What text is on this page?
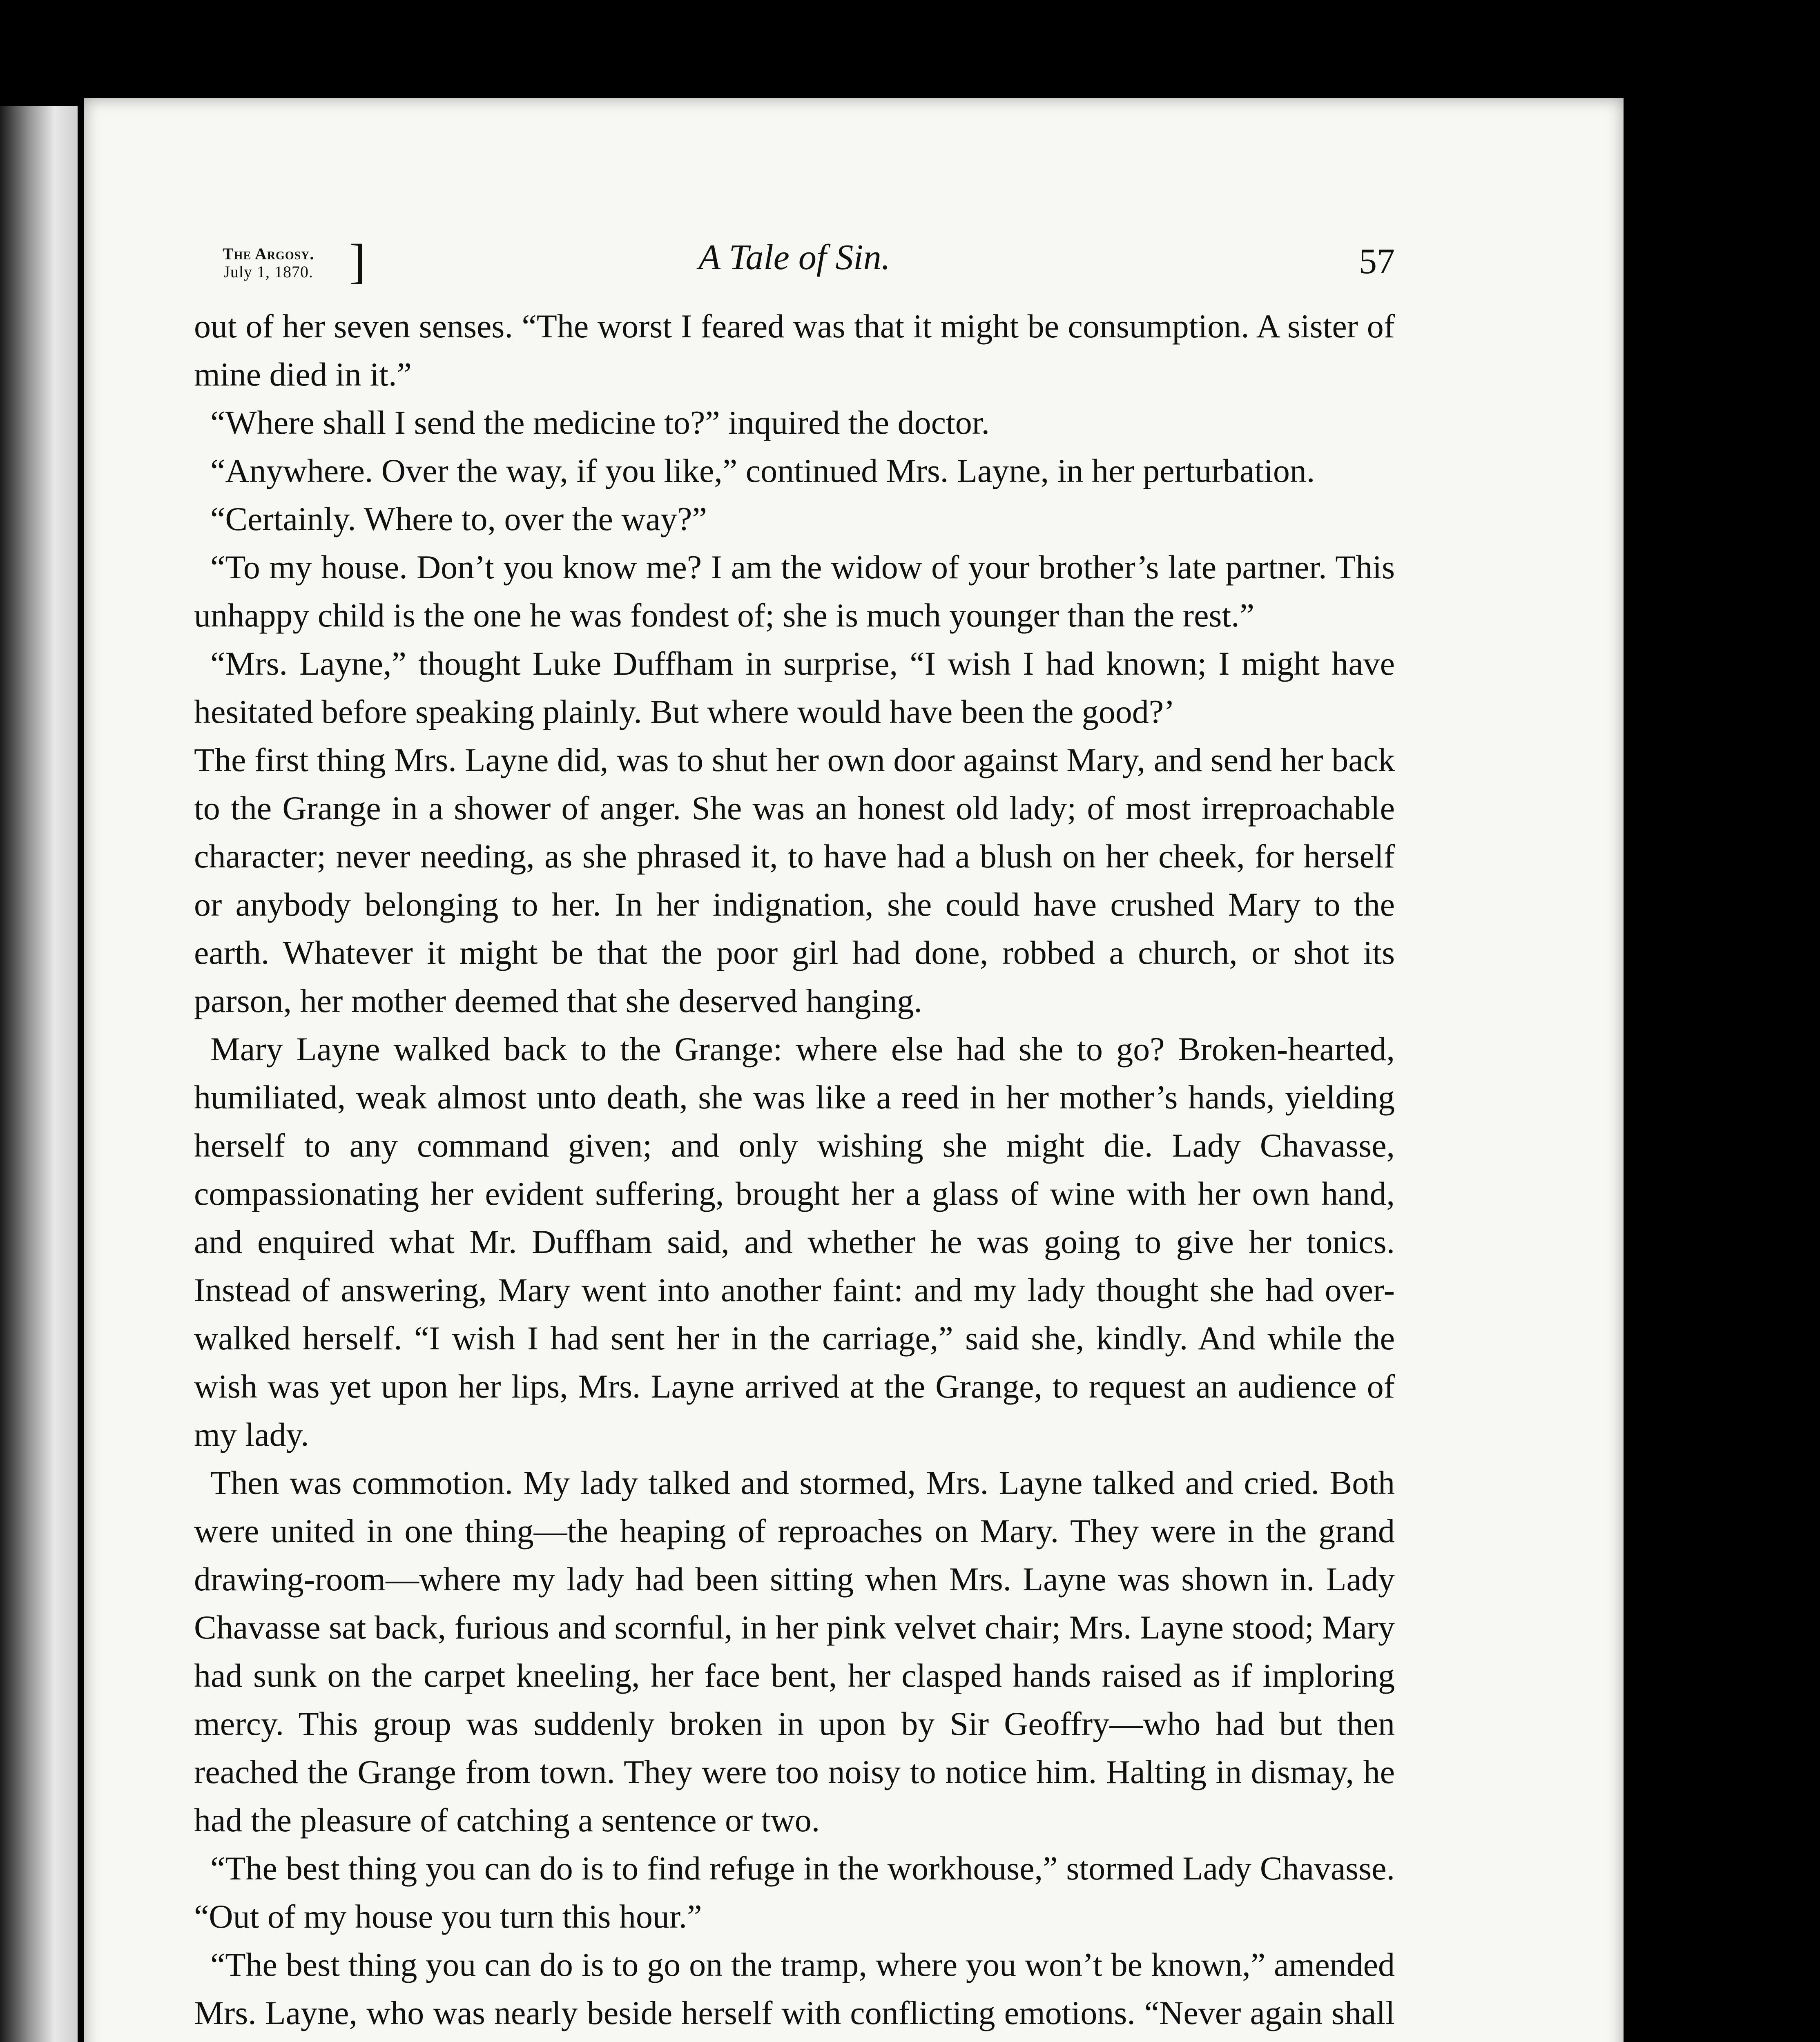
The Argosy.
July 1, 1870. ]	A Tale of Sin.	57

out of her seven senses. “The worst I feared was that it might be consumption. A sister of mine died in it.”

“Where shall I send the medicine to?” inquired the doctor.

“Anywhere. Over the way, if you like,” continued Mrs. Layne, in her perturbation.

“Certainly. Where to, over the way?”

“To my house. Don’t you know me? I am the widow of your brother’s late partner. This unhappy child is the one he was fondest of; she is much younger than the rest.”

“Mrs. Layne,” thought Luke Duffham in surprise, “I wish I had known; I might have hesitated before speaking plainly. But where would have been the good?’

The first thing Mrs. Layne did, was to shut her own door against Mary, and send her back to the Grange in a shower of anger. She was an honest old lady; of most irreproachable character; never needing, as she phrased it, to have had a blush on her cheek, for herself or anybody belonging to her. In her indignation, she could have crushed Mary to the earth. Whatever it might be that the poor girl had done, robbed a church, or shot its parson, her mother deemed that she deserved hanging.

Mary Layne walked back to the Grange: where else had she to go? Broken-hearted, humiliated, weak almost unto death, she was like a reed in her mother’s hands, yielding herself to any command given; and only wishing she might die. Lady Chavasse, compassionating her evident suffering, brought her a glass of wine with her own hand, and enquired what Mr. Duffham said, and whether he was going to give her tonics. Instead of answering, Mary went into another faint: and my lady thought she had over-walked herself. “I wish I had sent her in the carriage,” said she, kindly. And while the wish was yet upon her lips, Mrs. Layne arrived at the Grange, to request an audience of my lady.

Then was commotion. My lady talked and stormed, Mrs. Layne talked and cried. Both were united in one thing—the heaping of reproaches on Mary. They were in the grand drawing-room—where my lady had been sitting when Mrs. Layne was shown in. Lady Chavasse sat back, furious and scornful, in her pink velvet chair; Mrs. Layne stood; Mary had sunk on the carpet kneeling, her face bent, her clasped hands raised as if imploring mercy. This group was suddenly broken in upon by Sir Geoffry—who had but then reached the Grange from town. They were too noisy to notice him. Halting in dismay, he had the pleasure of catching a sentence or two.

“The best thing you can do is to find refuge in the workhouse,” stormed Lady Chavasse. “Out of my house you turn this hour.”

“The best thing you can do is to go on the tramp, where you won’t be known,” amended Mrs. Layne, who was nearly beside herself with conflicting emotions. “Never again shall
